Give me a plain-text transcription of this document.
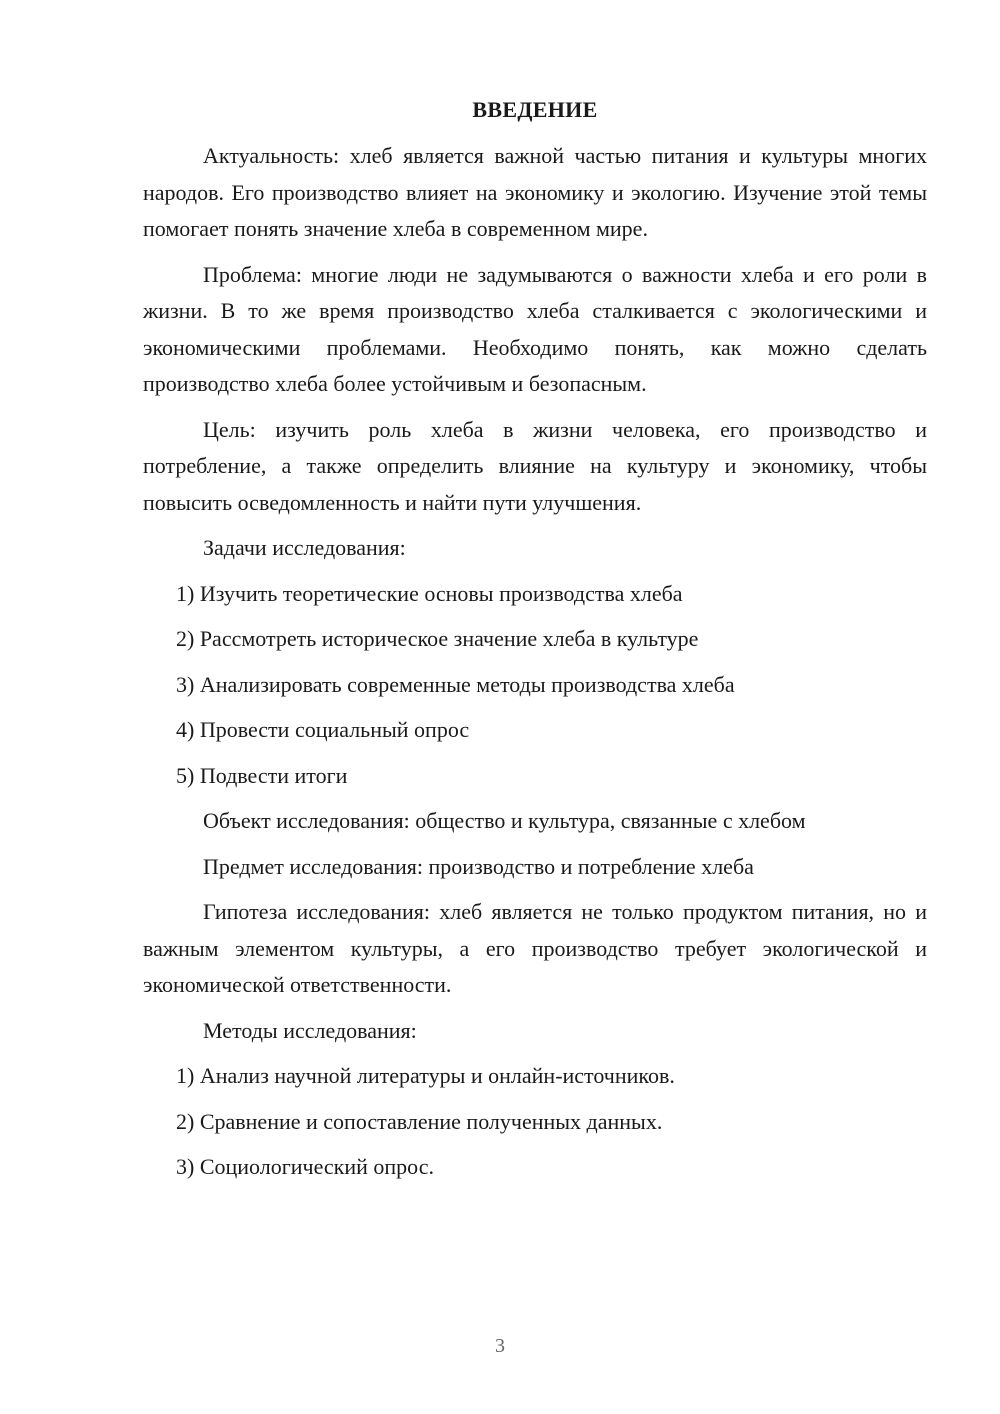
ВВЕДЕНИЕ

Актуальность: хлеб является важной частью питания и культуры многих народов. Его производство влияет на экономику и экологию. Изучение этой темы помогает понять значение хлеба в современном мире.

Проблема: многие люди не задумываются о важности хлеба и его роли в жизни. В то же время производство хлеба сталкивается с экологическими и экономическими проблемами. Необходимо понять, как можно сделать производство хлеба более устойчивым и безопасным.

Цель: изучить роль хлеба в жизни человека, его производство и потребление, а также определить влияние на культуру и экономику, чтобы повысить осведомленность и найти пути улучшения.

Задачи исследования:
1) Изучить теоретические основы производства хлеба
2) Рассмотреть историческое значение хлеба в культуре
3) Анализировать современные методы производства хлеба
4) Провести социальный опрос
5) Подвести итоги
Объект исследования: общество и культура, связанные с хлебом
Предмет исследования: производство и потребление хлеба

Гипотеза исследования: хлеб является не только продуктом питания, но и важным элементом культуры, а его производство требует экологической и экономической ответственности.

Методы исследования:
1) Анализ научной литературы и онлайн-источников.
2) Сравнение и сопоставление полученных данных.
3) Социологический опрос.
3
